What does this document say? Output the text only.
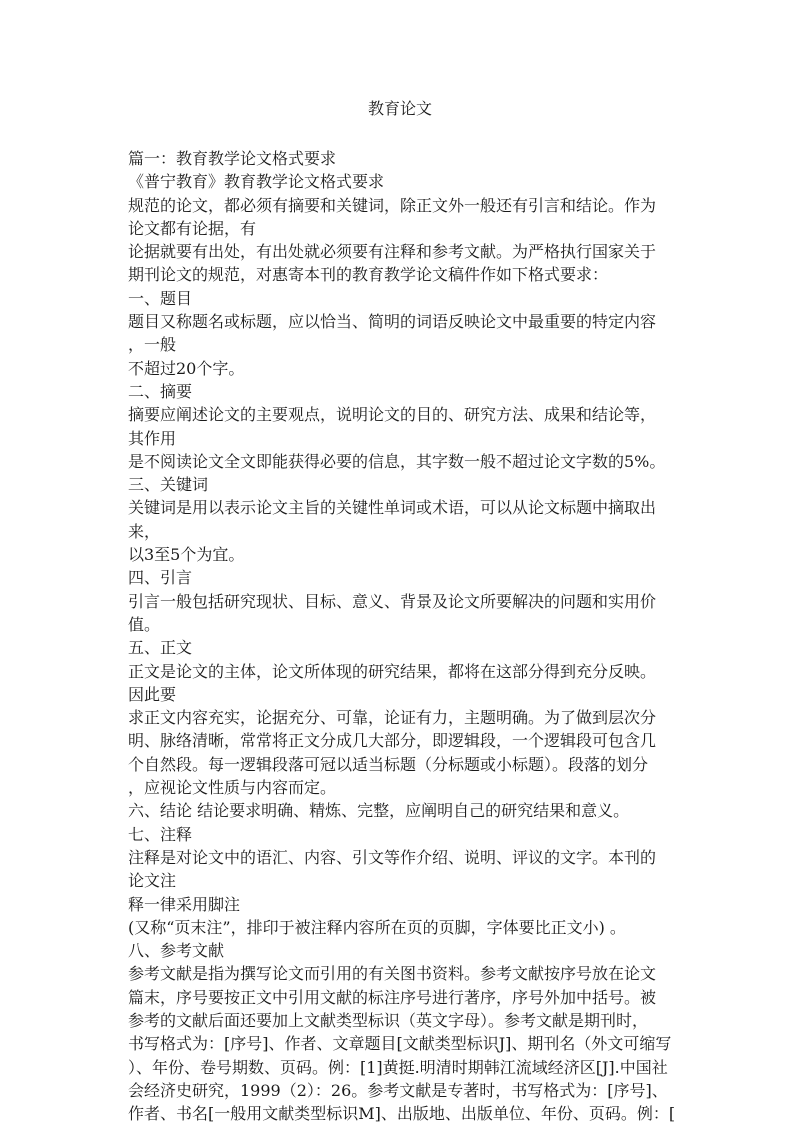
教育论文
篇一：教育教学论文格式要求
《普宁教育》教育教学论文格式要求
规范的论文，都必须有摘要和关键词，除正文外一般还有引言和结论。作为
论文都有论据，有
论据就要有出处，有出处就必须要有注释和参考文献。为严格执行国家关于
期刊论文的规范，对惠寄本刊的教育教学论文稿件作如下格式要求：
一、题目
题目又称题名或标题，应以恰当、简明的词语反映论文中最重要的特定内容
，一般
不超过20个字。
二、摘要
摘要应阐述论文的主要观点，说明论文的目的、研究方法、成果和结论等，
其作用
是不阅读论文全文即能获得必要的信息，其字数一般不超过论文字数的5%。
三、关键词
关键词是用以表示论文主旨的关键性单词或术语，可以从论文标题中摘取出
来，
以3至5个为宜。
四、引言
引言一般包括研究现状、目标、意义、背景及论文所要解决的问题和实用价
值。
五、正文
正文是论文的主体，论文所体现的研究结果，都将在这部分得到充分反映。
因此要
求正文内容充实，论据充分、可靠，论证有力，主题明确。为了做到层次分
明、脉络清晰，常常将正文分成几大部分，即逻辑段，一个逻辑段可包含几
个自然段。每一逻辑段落可冠以适当标题（分标题或小标题）。段落的划分
，应视论文性质与内容而定。
六、结论 结论要求明确、精炼、完整，应阐明自己的研究结果和意义。
七、注释
注释是对论文中的语汇、内容、引文等作介绍、说明、评议的文字。本刊的
论文注
释一律采用脚注
(又称“页末注”，排印于被注释内容所在页的页脚，字体要比正文小) 。
八、参考文献
参考文献是指为撰写论文而引用的有关图书资料。参考文献按序号放在论文
篇末，序号要按正文中引用文献的标注序号进行著序，序号外加中括号。被
参考的文献后面还要加上文献类型标识（英文字母）。参考文献是期刊时，
书写格式为：[序号]、作者、文章题目[文献类型标识J]、期刊名（外文可缩写
）、年份、卷号期数、页码。例：[1]黄挺.明清时期韩江流域经济区[J].中国社
会经济史研究，1999（2）：26。参考文献是专著时，书写格式为：[序号]、
作者、书名[一般用文献类型标识M]、出版地、出版单位、年份、页码。例：[
